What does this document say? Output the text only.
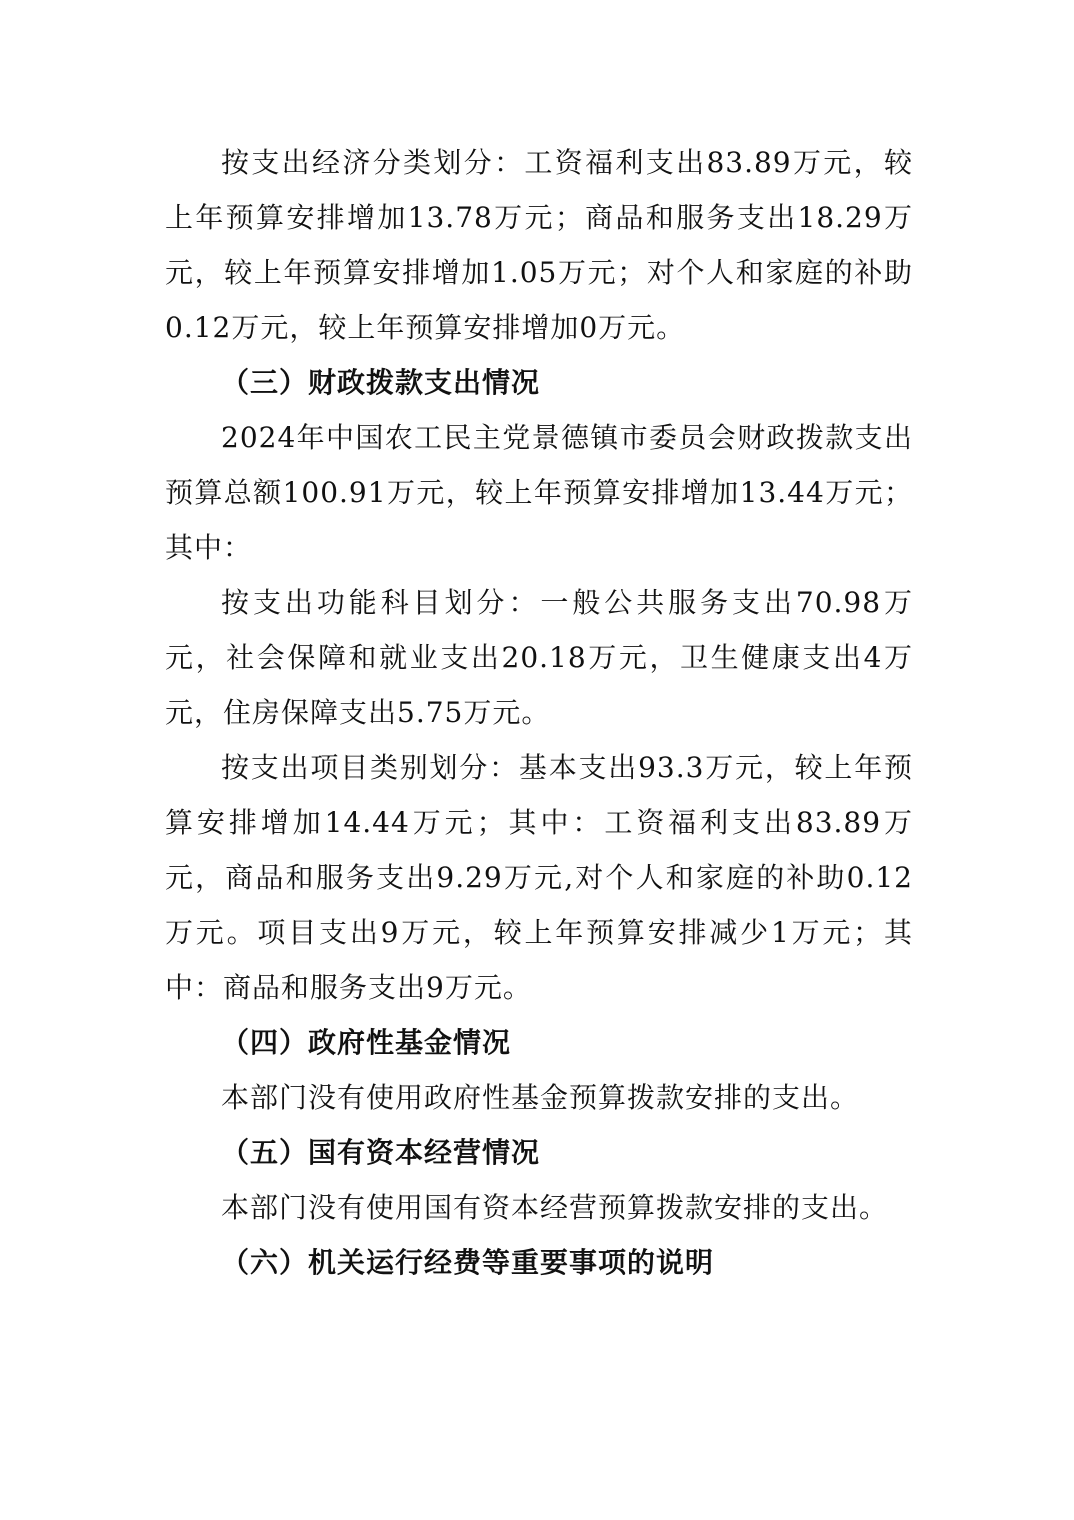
按支出经济分类划分：工资福利支出83.89万元，较上年预算安排增加13.78万元；商品和服务支出18.29万元，较上年预算安排增加1.05万元；对个人和家庭的补助0.12万元，较上年预算安排增加0万元。

（三）财政拨款支出情况

2024年中国农工民主党景德镇市委员会财政拨款支出预算总额100.91万元，较上年预算安排增加13.44万元；其中：

按支出功能科目划分：一般公共服务支出70.98万元，社会保障和就业支出20.18万元，卫生健康支出4万元，住房保障支出5.75万元。

按支出项目类别划分：基本支出93.3万元，较上年预算安排增加14.44万元；其中：工资福利支出83.89万元，商品和服务支出9.29万元,对个人和家庭的补助0.12万元。项目支出9万元，较上年预算安排减少1万元；其中：商品和服务支出9万元。

（四）政府性基金情况

本部门没有使用政府性基金预算拨款安排的支出。

（五）国有资本经营情况

本部门没有使用国有资本经营预算拨款安排的支出。

（六）机关运行经费等重要事项的说明
